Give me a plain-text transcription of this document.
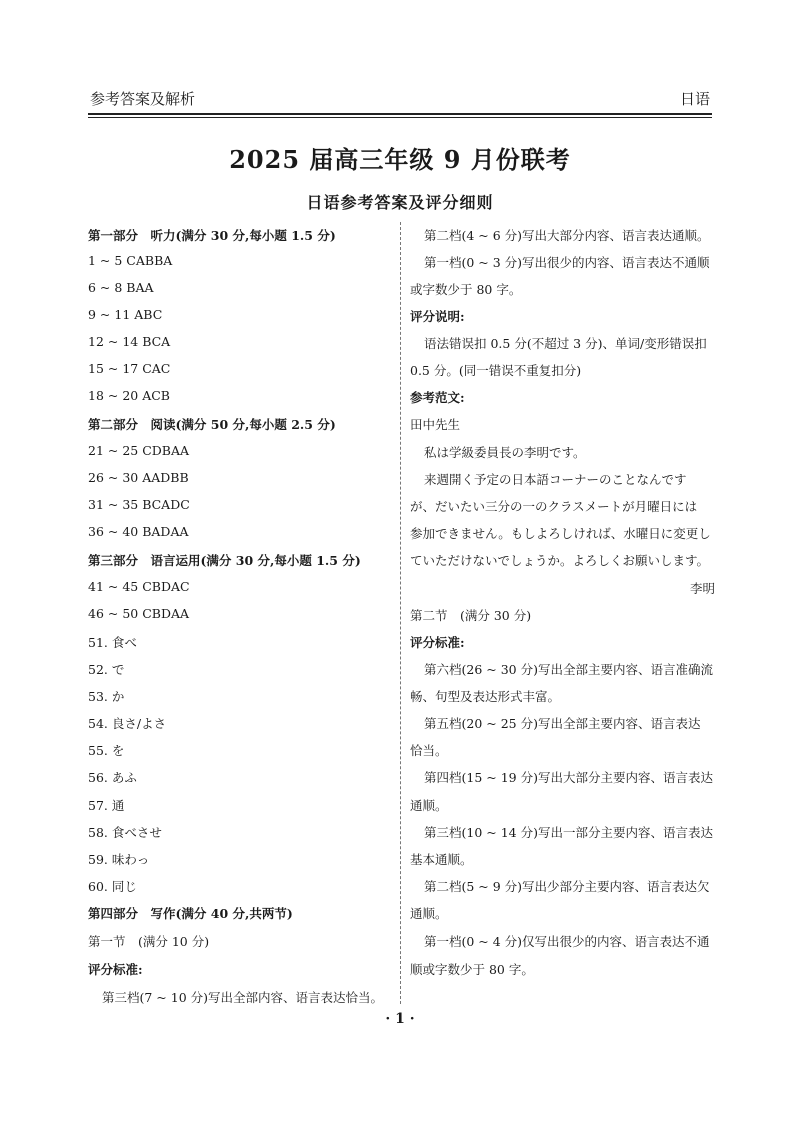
参考答案及解析	日语
2025 届高三年级 9 月份联考
日语参考答案及评分细则
第一部分　听力(满分 30 分,每小题 1.5 分)
1 ~ 5 CABBA
6 ~ 8 BAA
9 ~ 11 ABC
12 ~ 14 BCA
15 ~ 17 CAC
18 ~ 20 ACB
第二部分　阅读(满分 50 分,每小题 2.5 分)
21 ~ 25 CDBAA
26 ~ 30 AADBB
31 ~ 35 BCADC
36 ~ 40 BADAA
第三部分　语言运用(满分 30 分,每小题 1.5 分)
41 ~ 45 CBDAC
46 ~ 50 CBDAA
51. 食べ
52. で
53. か
54. 良さ/よさ
55. を
56. あふ
57. 通
58. 食べさせ
59. 味わっ
60. 同じ
第四部分　写作(满分 40 分,共两节)
第一节　(满分 10 分)
评分标准:
第三档(7 ~ 10 分)写出全部内容、语言表达恰当。
第二档(4 ~ 6 分)写出大部分内容、语言表达通顺。
第一档(0 ~ 3 分)写出很少的内容、语言表达不通顺
或字数少于 80 字。
评分说明:
语法错误扣 0.5 分(不超过 3 分)、单词/变形错误扣
0.5 分。(同一错误不重复扣分)
参考范文:
田中先生
私は学級委員長の李明です。
来週開く予定の日本語コーナーのことなんです
が、だいたい三分の一のクラスメートが月曜日には
参加できません。もしよろしければ、水曜日に変更し
ていただけないでしょうか。よろしくお願いします。
李明
第二节　(满分 30 分)
评分标准:
第六档(26 ~ 30 分)写出全部主要内容、语言准确流
畅、句型及表达形式丰富。
第五档(20 ~ 25 分)写出全部主要内容、语言表达
恰当。
第四档(15 ~ 19 分)写出大部分主要内容、语言表达
通顺。
第三档(10 ~ 14 分)写出一部分主要内容、语言表达
基本通顺。
第二档(5 ~ 9 分)写出少部分主要内容、语言表达欠
通顺。
第一档(0 ~ 4 分)仅写出很少的内容、语言表达不通
顺或字数少于 80 字。
· 1 ·
